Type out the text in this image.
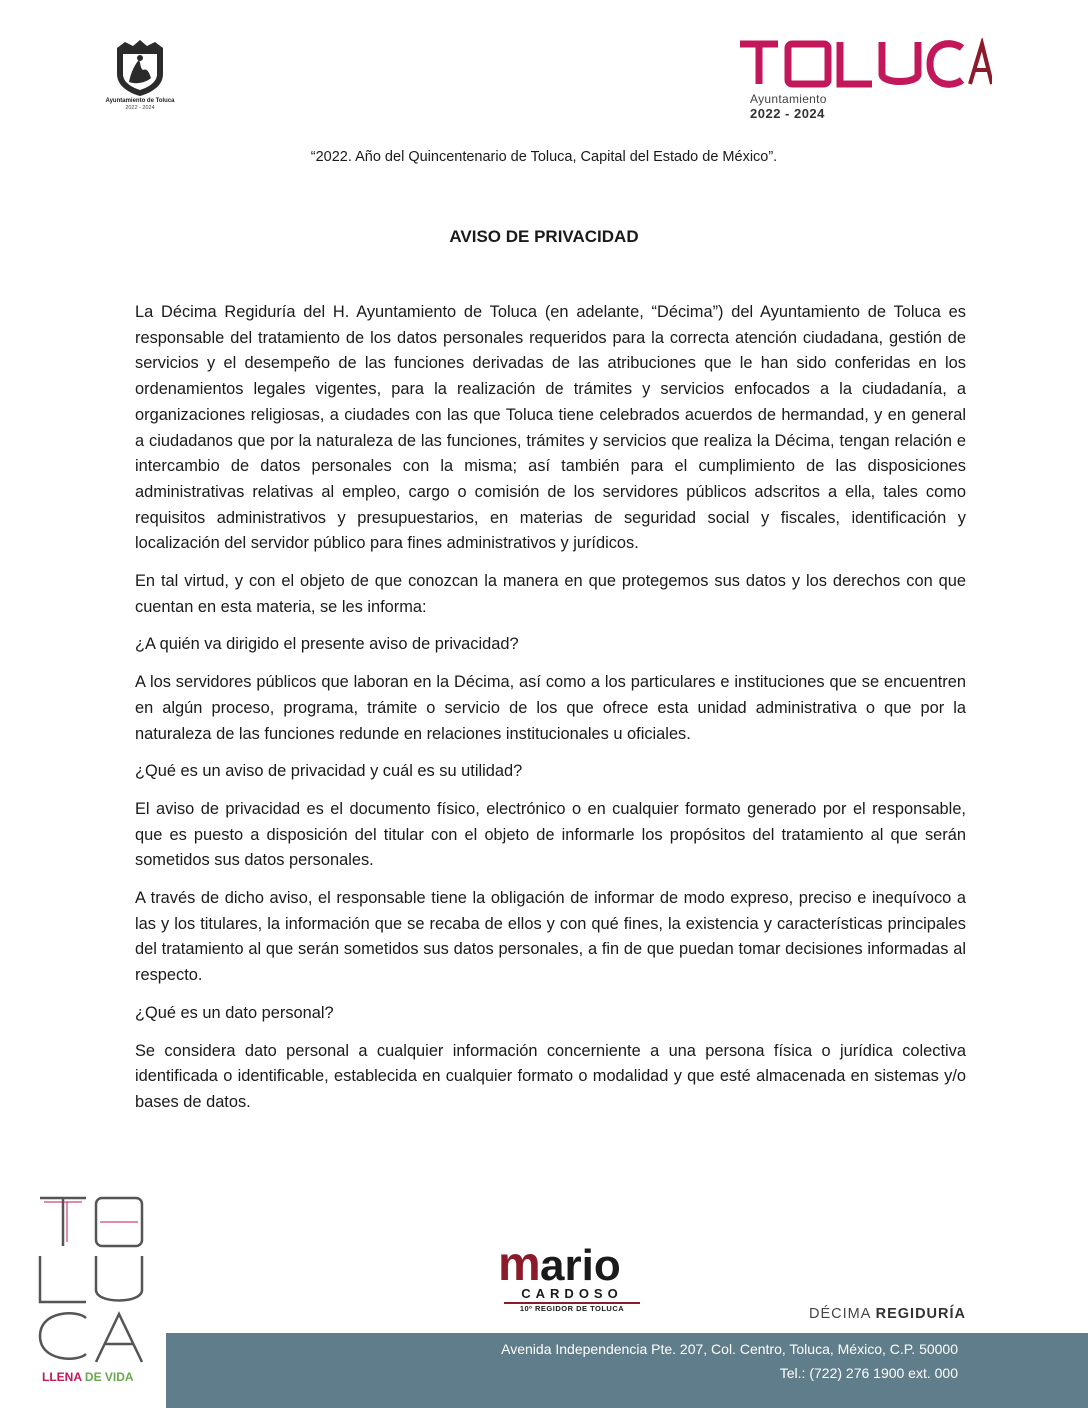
Ayuntamiento de Toluca
2022 - 2024
Ayuntamiento
2022 - 2024
“2022. Año del Quincentenario de Toluca, Capital del Estado de México”.
AVISO DE PRIVACIDAD

La Décima Regiduría del H. Ayuntamiento de Toluca (en adelante, “Décima”) del Ayuntamiento de Toluca es responsable del tratamiento de los datos personales requeridos para la correcta atención ciudadana, gestión de servicios y el desempeño de las funciones derivadas de las atribuciones que le han sido conferidas en los ordenamientos legales vigentes, para la realización de trámites y servicios enfocados a la ciudadanía, a organizaciones religiosas, a ciudades con las que Toluca tiene celebrados acuerdos de hermandad, y en general a ciudadanos que por la naturaleza de las funciones, trámites y servicios que realiza la Décima, tengan relación e intercambio de datos personales con la misma; así también para el cumplimiento de las disposiciones administrativas relativas al empleo, cargo o comisión de los servidores públicos adscritos a ella, tales como requisitos administrativos y presupuestarios, en materias de seguridad social y fiscales, identificación y localización del servidor público para fines administrativos y jurídicos.

En tal virtud, y con el objeto de que conozcan la manera en que protegemos sus datos y los derechos con que cuentan en esta materia, se les informa:

¿A quién va dirigido el presente aviso de privacidad?

A los servidores públicos que laboran en la Décima, así como a los particulares e instituciones que se encuentren en algún proceso, programa, trámite o servicio de los que ofrece esta unidad administrativa o que por la naturaleza de las funciones redunde en relaciones institucionales u oficiales.

¿Qué es un aviso de privacidad y cuál es su utilidad?

El aviso de privacidad es el documento físico, electrónico o en cualquier formato generado por el responsable, que es puesto a disposición del titular con el objeto de informarle los propósitos del tratamiento al que serán sometidos sus datos personales.

A través de dicho aviso, el responsable tiene la obligación de informar de modo expreso, preciso e inequívoco a las y los titulares, la información que se recaba de ellos y con qué fines, la existencia y características principales del tratamiento al que serán sometidos sus datos personales, a fin de que puedan tomar decisiones informadas al respecto.

¿Qué es un dato personal?

Se considera dato personal a cualquier información concerniente a una persona física o jurídica colectiva identificada o identificable, establecida en cualquier formato o modalidad y que esté almacenada en sistemas y/o bases de datos.

LLENA DE VIDA
m ario
CARDOSO
10º REGIDOR DE TOLUCA	DÉCIMA REGIDURÍA
Avenida Independencia Pte. 207, Col. Centro, Toluca, México, C.P. 50000
Tel.: (722) 276 1900 ext. 000
